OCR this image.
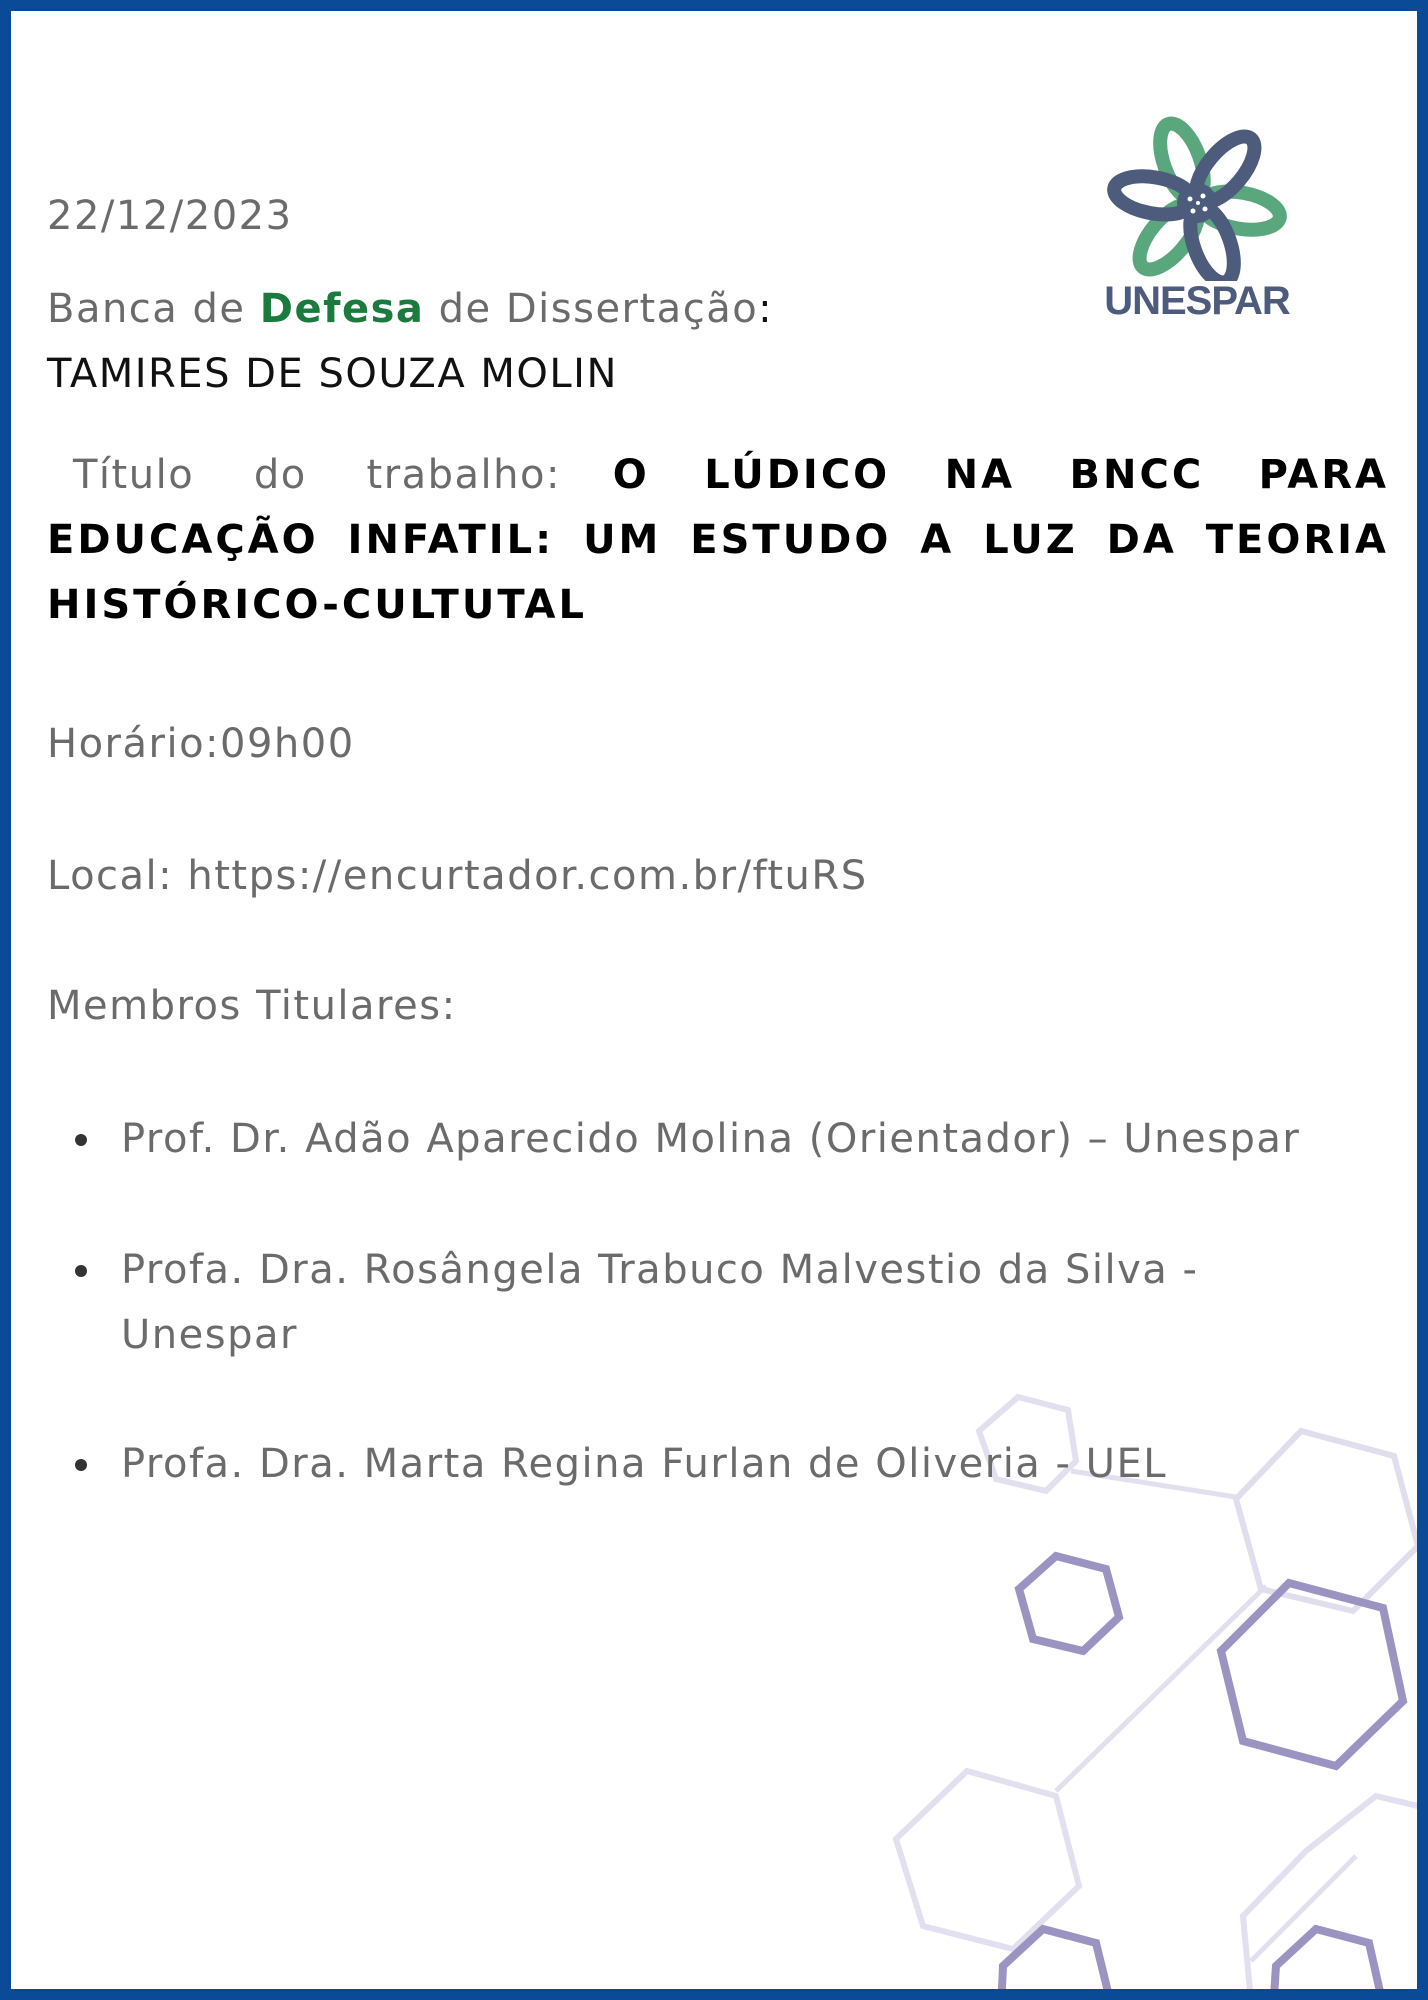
UNESPAR
22/12/2023
Banca de Defesa de Dissertação:
TAMIRES DE SOUZA MOLIN
Título do trabalho: O LÚDICO NA BNCC PARA EDUCAÇÃO INFATIL: UM ESTUDO A LUZ DA TEORIA HISTÓRICO-CULTUTAL
Horário:09h00
Local: https://encurtador.com.br/ftuRS
Membros Titulares:
Prof. Dr. Adão Aparecido Molina (Orientador) – Unespar
Profa. Dra. Rosângela Trabuco Malvestio da Silva - Unespar
Profa. Dra. Marta Regina Furlan de Oliveria - UEL
